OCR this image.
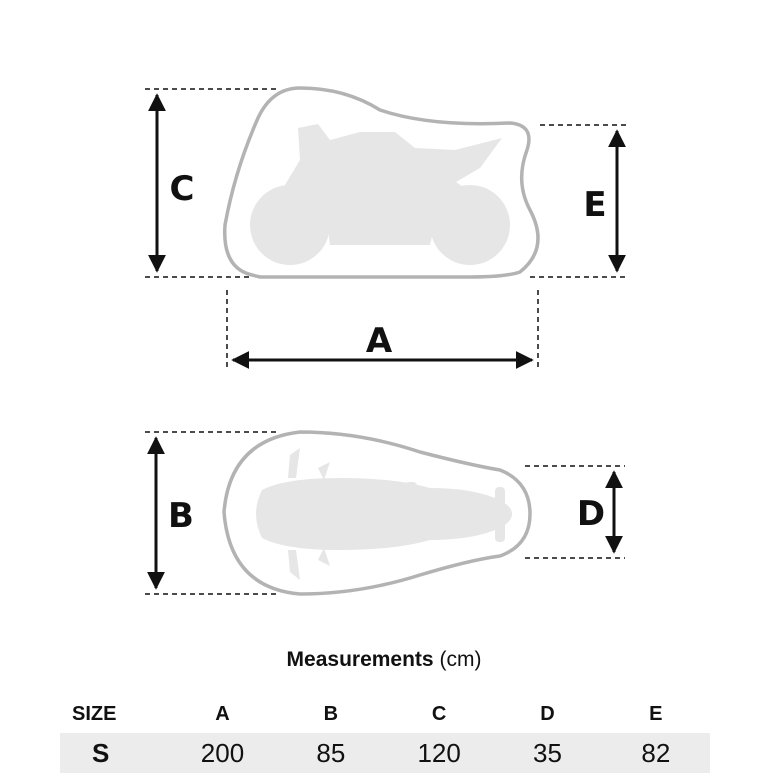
C	E
A
B	D
Measurements (cm)
SIZE	A	B	C	D	E
S	200	85	120	35	82
